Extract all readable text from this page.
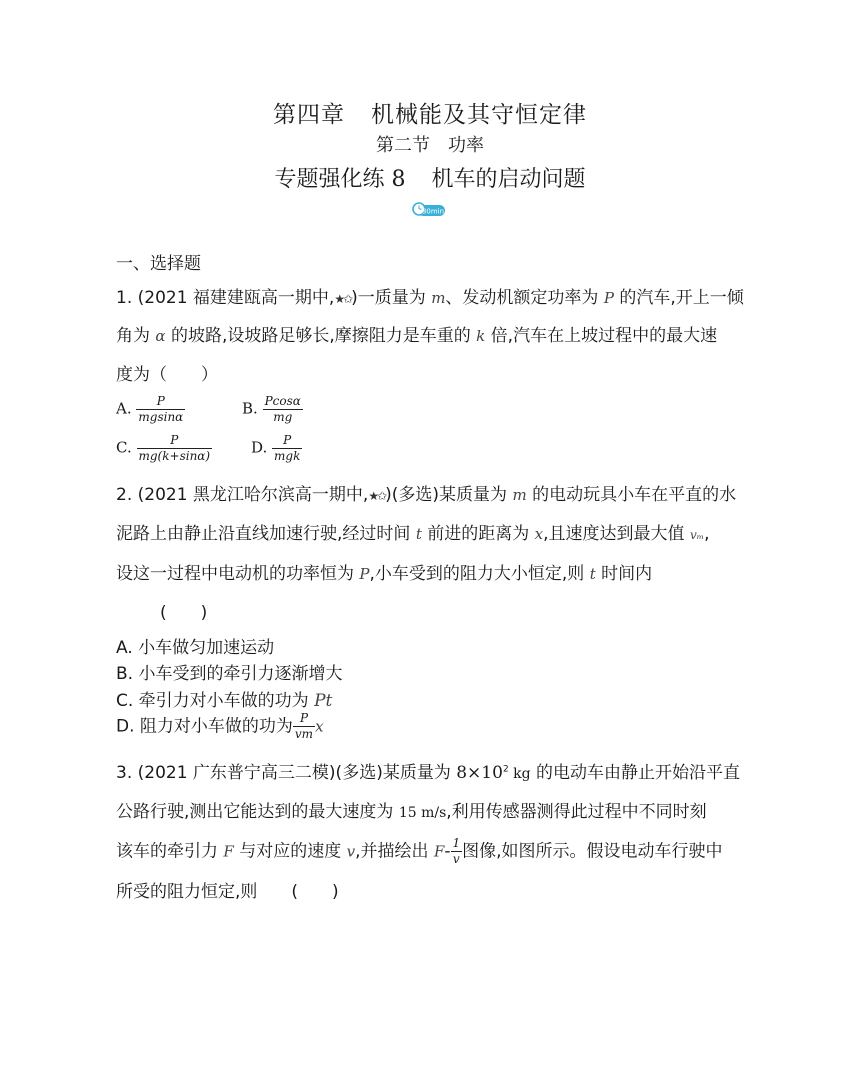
第四章 机械能及其守恒定律
第二节 功率
专题强化练 8 机车的启动问题
30min
一、选择题
1. (2021 福建建瓯高一期中,★✩)一质量为 m、发动机额定功率为 P 的汽车,开上一倾
角为 α 的坡路,设坡路足够长,摩擦阻力是车重的 k 倍,汽车在上坡过程中的最大速
度为（　　）
A. $\frac{P}{mgsin\alpha}$	B. $\frac{Pcos\alpha}{mg}$
C. $\frac{P}{mg(k+\sin\alpha)}$	D. $\frac{P}{\text{mgk}}$
2. (2021 黑龙江哈尔滨高一期中,★✩)(多选)某质量为 m 的电动玩具小车在平直的水
泥路上由静止沿直线加速行驶,经过时间 t 前进的距离为 x,且速度达到最大值 vₘ,
设这一过程中电动机的功率恒为 P,小车受到的阻力大小恒定,则 t 时间内
(　　)
A. 小车做匀加速运动
B. 小车受到的牵引力逐渐增大
C. 牵引力对小车做的功为 Pt
D. 阻力对小车做的功为 $\frac{P}{vm}$ x
3. (2021 广东普宁高三二模)(多选)某质量为 $8\times 10^2$ kg 的电动车由静止开始沿平直
公路行驶,测出它能达到的最大速度为 15 m/s,利用传感器测得此过程中不同时刻
该车的牵引力 F 与对应的速度 v,并描绘出 $F- \frac{1}{v}$ 图像,如图所示。假设电动车行驶中
所受的阻力恒定,则　　(　　)
